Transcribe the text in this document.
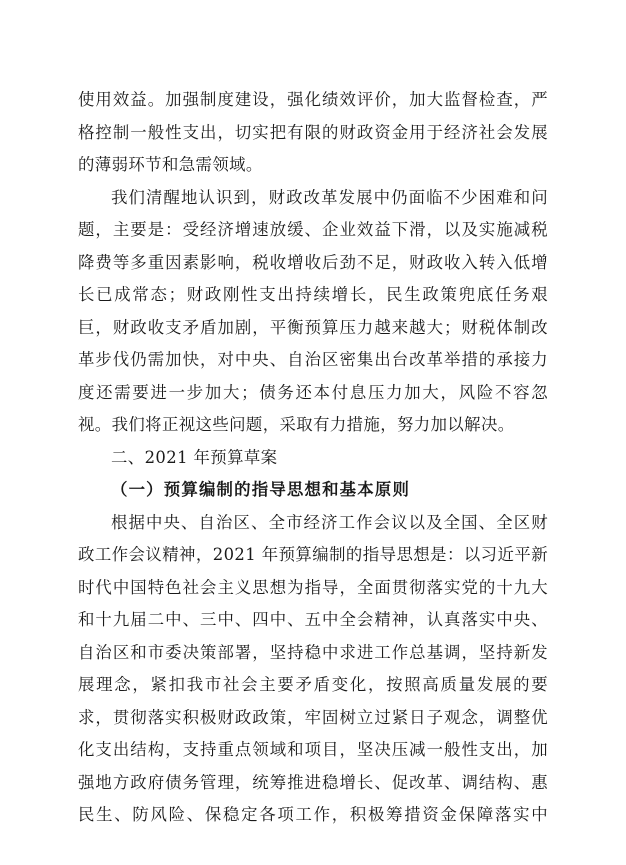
使用效益。加强制度建设，强化绩效评价，加大监督检查，严
格控制一般性支出，切实把有限的财政资金用于经济社会发展
的薄弱环节和急需领域。
我们清醒地认识到，财政改革发展中仍面临不少困难和问
题，主要是：受经济增速放缓、企业效益下滑，以及实施减税
降费等多重因素影响，税收增收后劲不足，财政收入转入低增
长已成常态；财政刚性支出持续增长，民生政策兜底任务艰
巨，财政收支矛盾加剧，平衡预算压力越来越大；财税体制改
革步伐仍需加快，对中央、自治区密集出台改革举措的承接力
度还需要进一步加大；债务还本付息压力加大，风险不容忽
视。我们将正视这些问题，采取有力措施，努力加以解决。
二、2021 年预算草案
（一）预算编制的指导思想和基本原则
根据中央、自治区、全市经济工作会议以及全国、全区财
政工作会议精神，2021 年预算编制的指导思想是：以习近平新
时代中国特色社会主义思想为指导，全面贯彻落实党的十九大
和十九届二中、三中、四中、五中全会精神，认真落实中央、
自治区和市委决策部署，坚持稳中求进工作总基调，坚持新发
展理念，紧扣我市社会主要矛盾变化，按照高质量发展的要
求，贯彻落实积极财政政策，牢固树立过紧日子观念，调整优
化支出结构，支持重点领域和项目，坚决压减一般性支出，加
强地方政府债务管理，统筹推进稳增长、促改革、调结构、惠
民生、防风险、保稳定各项工作，积极筹措资金保障落实中
